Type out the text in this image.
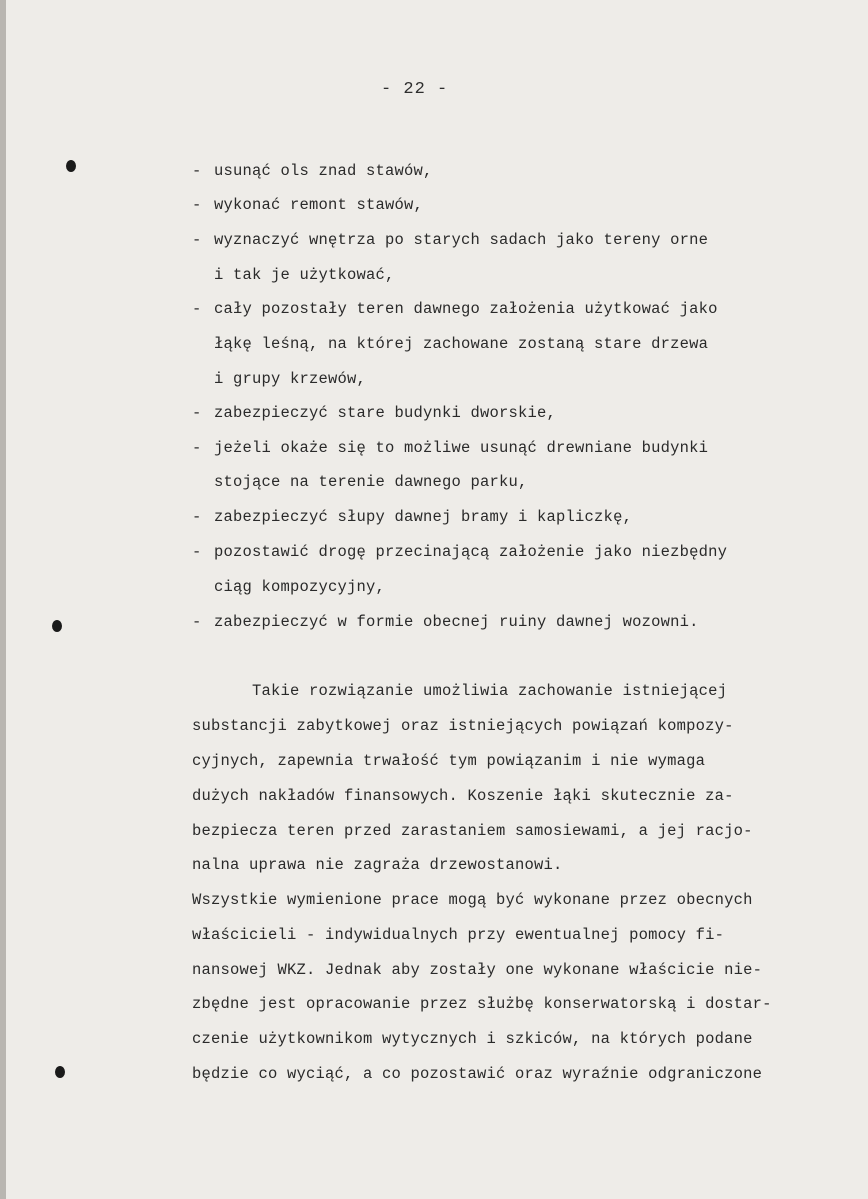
- 22 -
- usunąć ols znad stawów,
- wykonać remont stawów,
- wyznaczyć wnętrza po starych sadach jako tereny orne
i tak je użytkować,
- cały pozostały teren dawnego założenia użytkować jako
łąkę leśną, na której zachowane zostaną stare drzewa
i grupy krzewów,
- zabezpieczyć stare budynki dworskie,
- jeżeli okaże się to możliwe usunąć drewniane budynki
stojące na terenie dawnego parku,
- zabezpieczyć słupy dawnej bramy i kapliczkę,
- pozostawić drogę przecinającą założenie jako niezbędny
ciąg kompozycyjny,
- zabezpieczyć w formie obecnej ruiny dawnej wozowni.
Takie rozwiązanie umożliwia zachowanie istniejącej
substancji zabytkowej oraz istniejących powiązań kompozy-
cyjnych, zapewnia trwałość tym powiązanim i nie wymaga
dużych nakładów finansowych. Koszenie łąki skutecznie za-
bezpiecza teren przed zarastaniem samosiewami, a jej racjo-
nalna uprawa nie zagraża drzewostanowi.
Wszystkie wymienione prace mogą być wykonane przez obecnych
właścicieli - indywidualnych przy ewentualnej pomocy fi-
nansowej WKZ. Jednak aby zostały one wykonane właścicie nie-
zbędne jest opracowanie przez służbę konserwatorską i dostar-
czenie użytkownikom wytycznych i szkiców, na których podane
będzie co wyciąć, a co pozostawić oraz wyraźnie odgraniczone
